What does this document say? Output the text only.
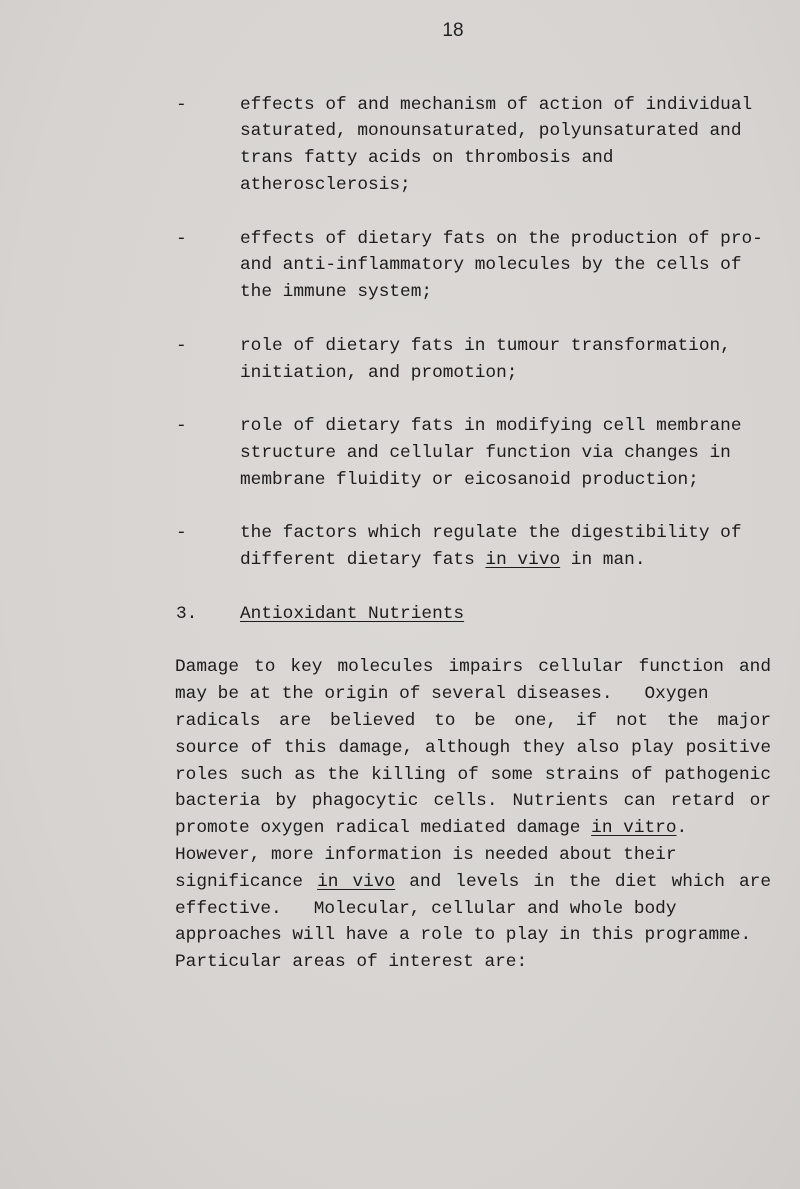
18
-	effects of and mechanism of action of individual
saturated, monounsaturated, polyunsaturated and
trans fatty acids on thrombosis and
atherosclerosis;
-	effects of dietary fats on the production of pro-
and anti-inflammatory molecules by the cells of
the immune system;
-	role of dietary fats in tumour transformation,
initiation, and promotion;
-	role of dietary fats in modifying cell membrane
structure and cellular function via changes in
membrane fluidity or eicosanoid production;
-	the factors which regulate the digestibility of
different dietary fats in vivo in man.
3. Antioxidant Nutrients
Damage to key molecules impairs cellular function and
may be at the origin of several diseases.   Oxygen
radicals are believed to be one, if not the major
source of this damage, although they also play positive
roles such as the killing of some strains of pathogenic
bacteria by phagocytic cells. Nutrients can retard or
promote oxygen radical mediated damage in vitro.
However, more information is needed about their
significance in vivo and levels in the diet which are
effective.   Molecular, cellular and whole body
approaches will have a role to play in this programme.
Particular areas of interest are:
